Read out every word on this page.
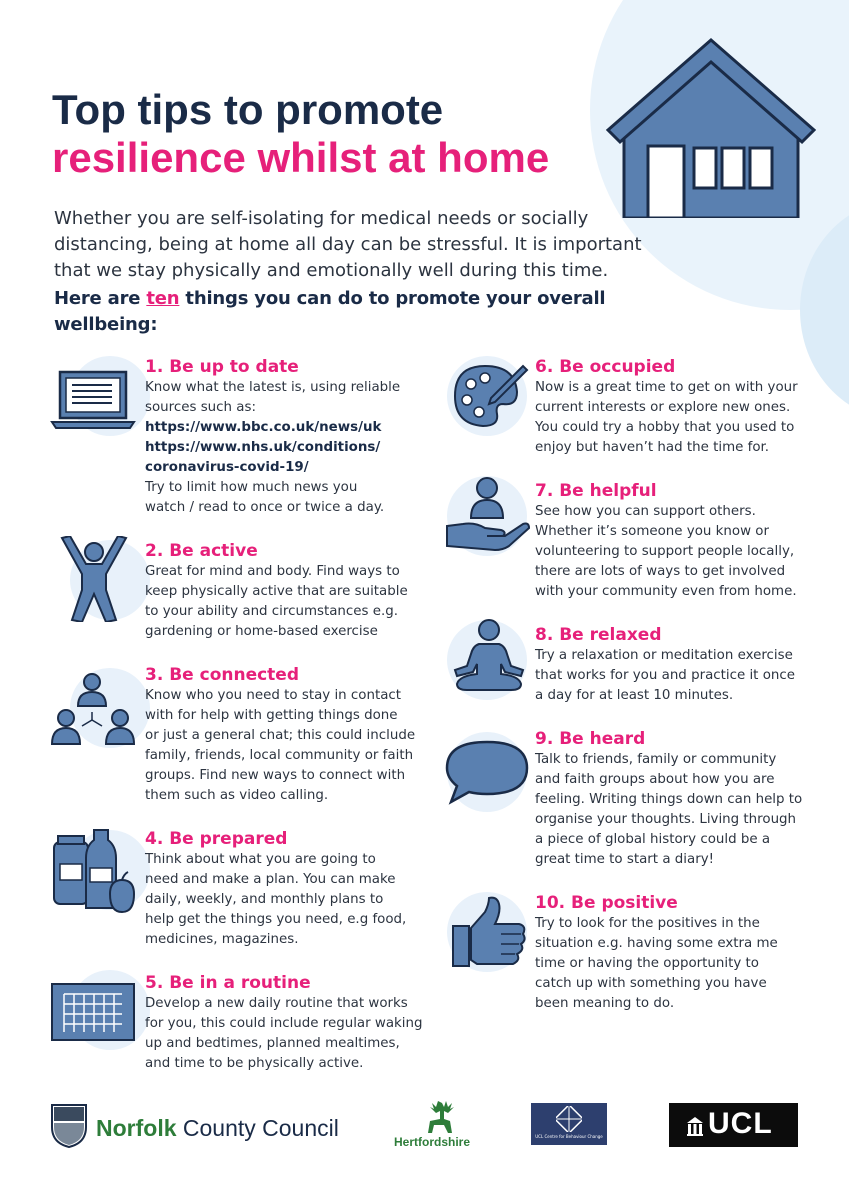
Top tips to promote
resilience whilst at home

Whether you are self-isolating for medical needs or socially

distancing, being at home all day can be stressful. It is important

that we stay physically and emotionally well during this time.

Here are ten things you can do to promote your overall wellbeing:

1. Be up to date
Know what the latest is, using reliable
sources such as:
https://www.bbc.co.uk/news/uk
https://www.nhs.uk/conditions/
coronavirus-covid-19/
Try to limit how much news you
watch / read to once or twice a day.
2. Be active
Great for mind and body. Find ways to
keep physically active that are suitable
to your ability and circumstances e.g.
gardening or home-based exercise
3. Be connected
Know who you need to stay in contact
with for help with getting things done
or just a general chat; this could include
family, friends, local community or faith
groups. Find new ways to connect with
them such as video calling.
4. Be prepared
Think about what you are going to
need and make a plan. You can make
daily, weekly, and monthly plans to
help get the things you need, e.g food,
medicines, magazines.
5. Be in a routine
Develop a new daily routine that works
for you, this could include regular waking
up and bedtimes, planned mealtimes,
and time to be physically active.
6. Be occupied
Now is a great time to get on with your
current interests or explore new ones.
You could try a hobby that you used to
enjoy but haven’t had the time for.
7. Be helpful
See how you can support others.
Whether it’s someone you know or
volunteering to support people locally,
there are lots of ways to get involved
with your community even from home.
8. Be relaxed
Try a relaxation or meditation exercise
that works for you and practice it once
a day for at least 10 minutes.
9. Be heard
Talk to friends, family or community
and faith groups about how you are
feeling. Writing things down can help to
organise your thoughts. Living through
a piece of global history could be a
great time to start a diary!
10. Be positive
Try to look for the positives in the
situation e.g. having some extra me
time or having the opportunity to
catch up with something you have
been meaning to do.
Norfolk County Council
Hertfordshire	UCL Centre for Behaviour Change	UCL
